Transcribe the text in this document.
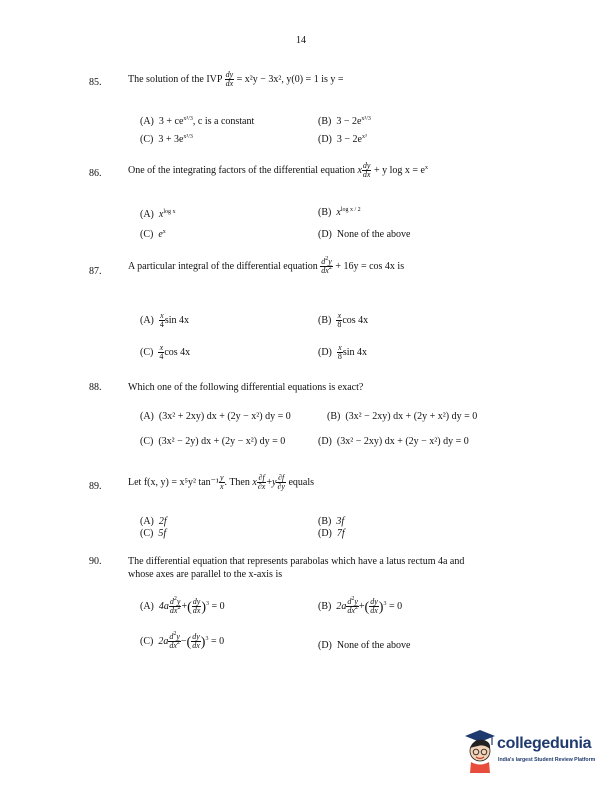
14
85.	The solution of the IVP $\frac{dy}{dx} = x^2y - 3x^2$, y(0) = 1 is y =
(A) $3 + ce^{x^3/3}$, c is a constant	(B) $3 - 2e^{x^3/3}$
(C) $3 + 3e^{x^3/3}$	(D) $3 - 2e^{x^3}$
86.	One of the integrating factors of the differential equation x $\frac{dy}{dx} + y$ $\log x = e^x$
(A) $x^{log x}$	(B) $x^{log x / 2}$
(C) $e^x$	(D) None of the above
87.	A particular integral of the differential equation $\frac{d^2y}{dx^2} + 16y = \cos 4x$ is
$(A) \frac{x}{4}$ sin 4x	$(B) \frac{x}{8}$ cos 4x
$(C) \frac{x}{4}$ cos 4x	$(D) \frac{x}{8}$ sin 4x
88.	Which one of the following differential equations is exact?
(A) (3x² + 2xy) dx + (2y − x²) dy = 0	(B) (3x² − 2xy) dx + (2y + x²) dy = 0
(C) (3x² − 2y) dx + (2y − x²) dy = 0	(D) (3x² − 2xy) dx + (2y − x²) dy = 0
89.	Let f(x, y) = x⁵y² $\tan^{-1} \frac{y}{x}$ . Then x $\frac{\partial f}{\partial x} +y \frac{\partial f}{\partial y}$ equals
(A) 2f	(B) 3f
(C) 5f	(D) 7f
90.	The differential equation that represents parabolas which have a latus rectum 4a and
whose axes are parallel to the x-axis is
(A) $4a \frac{d^2y}{dx^2}$ +( $\frac{dy}{dx} )^3 = 0$	(B) $2a \frac{d^2y}{dx^2}$ +( $\frac{dy}{dx} )^3 = 0$
(C) $2a \frac{d^2y}{dx^2}$ −( $\frac{dy}{dx} )^3 = 0$	(D) None of the above
collegedunia
India's largest Student Review Platform
